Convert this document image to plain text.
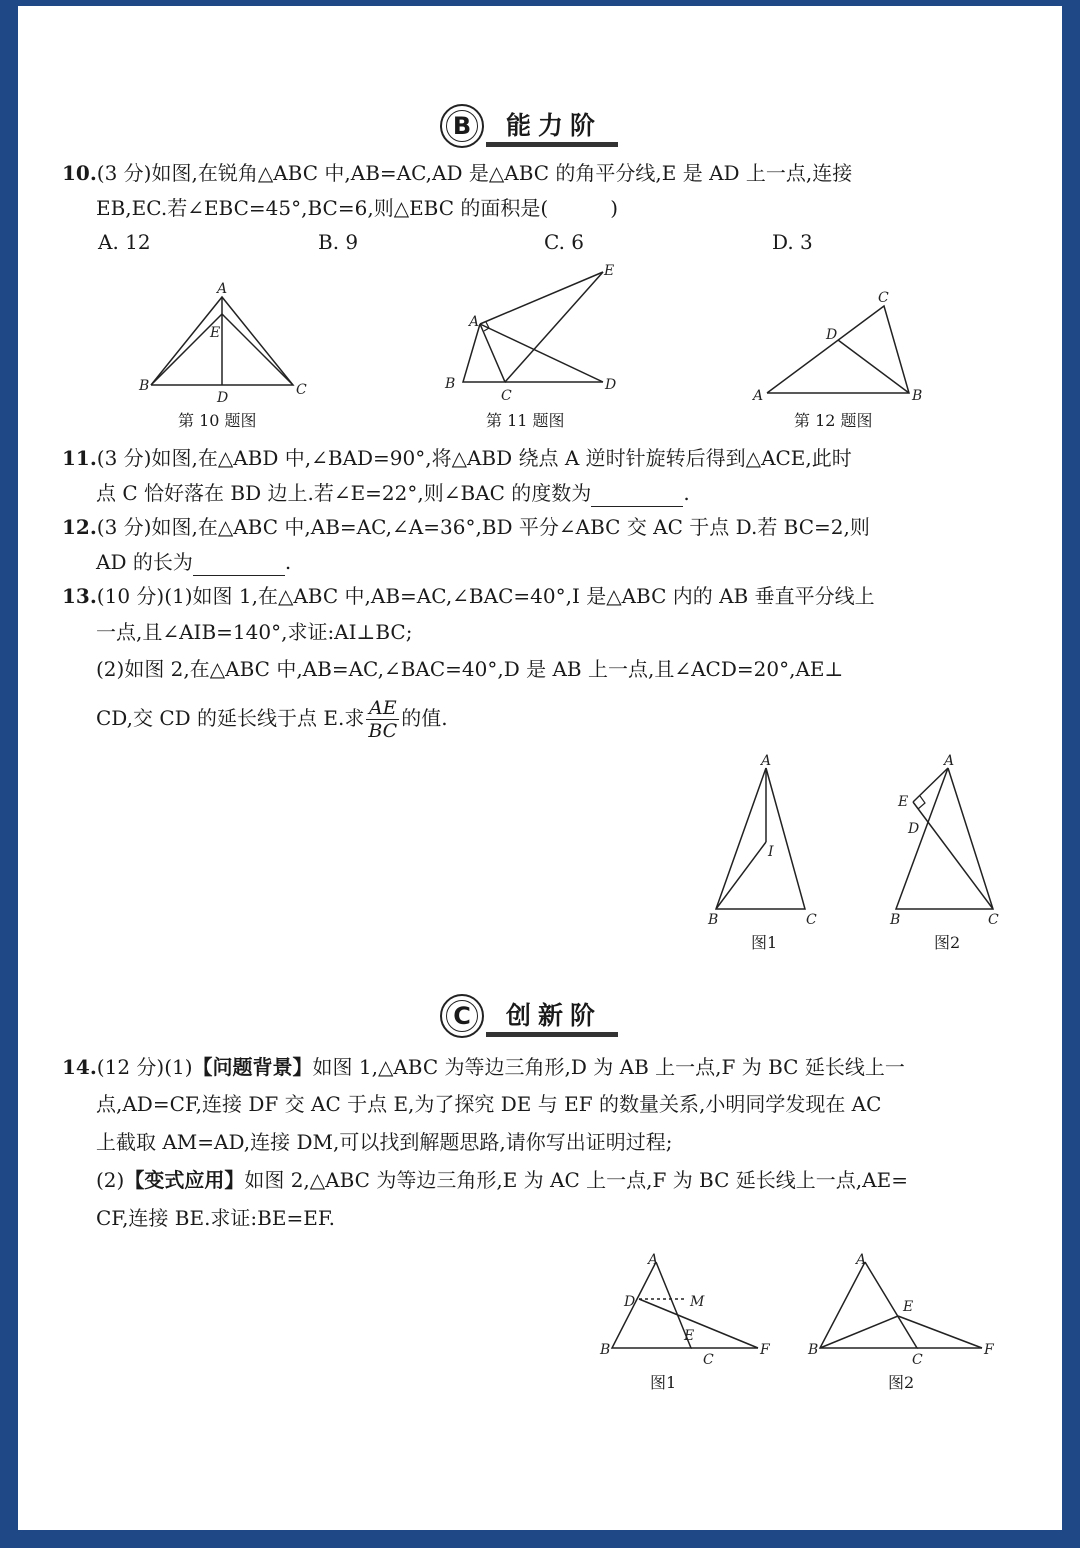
B	能力阶
10.(3 分)如图,在锐角△ABC 中,AB=AC,AD 是△ABC 的角平分线,E 是 AD 上一点,连接
EB,EC.若∠EBC=45°,BC=6,则△EBC 的面积是(	)
A. 12	B. 9	C. 6	D. 3
A
E
B
D	C
第 10 题图
E
A
B
C
D
第 11 题图
C
D
A	B
第 12 题图
11.(3 分)如图,在△ABD 中,∠BAD=90°,将△ABD 绕点 A 逆时针旋转后得到△ACE,此时
点 C 恰好落在 BD 边上.若∠E=22°,则∠BAC 的度数为	.
12.(3 分)如图,在△ABC 中,AB=AC,∠A=36°,BD 平分∠ABC 交 AC 于点 D.若 BC=2,则
AD 的长为	.
13.(10 分)(1)如图 1,在△ABC 中,AB=AC,∠BAC=40°,I 是△ABC 内的 AB 垂直平分线上
一点,且∠AIB=140°,求证:AI⊥BC;
(2)如图 2,在△ABC 中,AB=AC,∠BAC=40°,D 是 AB 上一点,且∠ACD=20°,AE⊥
CD,交 CD 的延长线于点 E.求 $\frac{AE}{BC}$ 的值.
A
I
B	C
图1
A
E
D
B	C
图2
C	创新阶
14.(12 分)(1)【问题背景】如图 1,△ABC 为等边三角形,D 为 AB 上一点,F 为 BC 延长线上一
点,AD=CF,连接 DF 交 AC 于点 E,为了探究 DE 与 EF 的数量关系,小明同学发现在 AC
上截取 AM=AD,连接 DM,可以找到解题思路,请你写出证明过程;
(2)【变式应用】如图 2,△ABC 为等边三角形,E 为 AC 上一点,F 为 BC 延长线上一点,AE=
CF,连接 BE.求证:BE=EF.
A
D	M
E
B
C
F
图1
A
E
B
C
F
图2
